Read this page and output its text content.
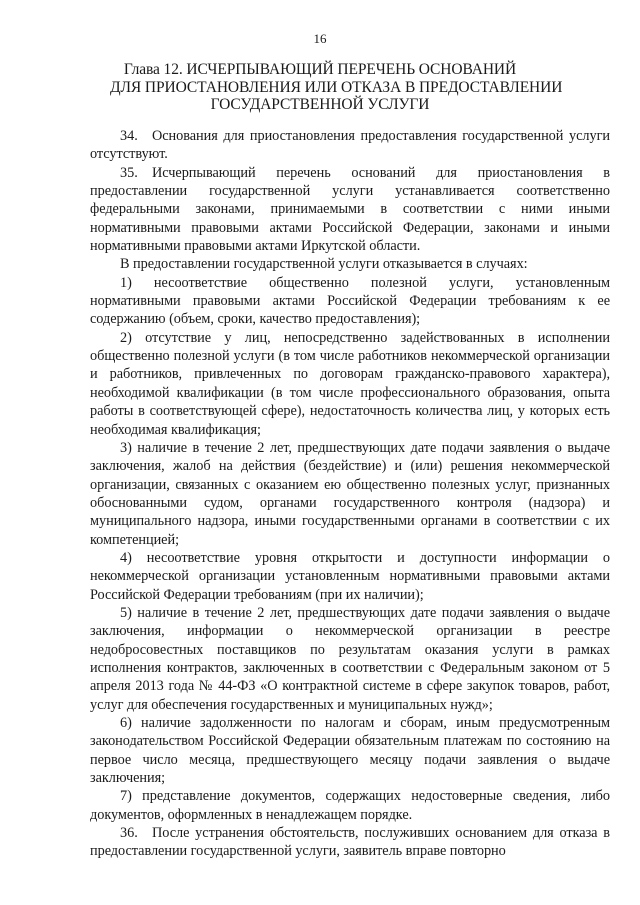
16
Глава 12. ИСЧЕРПЫВАЮЩИЙ ПЕРЕЧЕНЬ ОСНОВАНИЙ
ДЛЯ ПРИОСТАНОВЛЕНИЯ ИЛИ ОТКАЗА В ПРЕДОСТАВЛЕНИИ
ГОСУДАРСТВЕННОЙ УСЛУГИ

34. Основания для приостановления предоставления государственной услуги отсутствуют.

35. Исчерпывающий перечень оснований для приостановления в предоставлении государственной услуги устанавливается соответственно федеральными законами, принимаемыми в соответствии с ними иными нормативными правовыми актами Российской Федерации, законами и иными нормативными правовыми актами Иркутской области.

В предоставлении государственной услуги отказывается в случаях:

1) несоответствие общественно полезной услуги, установленным нормативными правовыми актами Российской Федерации требованиям к ее содержанию (объем, сроки, качество предоставления);

2) отсутствие у лиц, непосредственно задействованных в исполнении общественно полезной услуги (в том числе работников некоммерческой организации и работников, привлеченных по договорам гражданско-правового характера), необходимой квалификации (в том числе профессионального образования, опыта работы в соответствующей сфере), недостаточность количества лиц, у которых есть необходимая квалификация;

3) наличие в течение 2 лет, предшествующих дате подачи заявления о выдаче заключения, жалоб на действия (бездействие) и (или) решения некоммерческой организации, связанных с оказанием ею общественно полезных услуг, признанных обоснованными судом, органами государственного контроля (надзора) и муниципального надзора, иными государственными органами в соответствии с их компетенцией;

4) несоответствие уровня открытости и доступности информации о некоммерческой организации установленным нормативными правовыми актами Российской Федерации требованиям (при их наличии);

5) наличие в течение 2 лет, предшествующих дате подачи заявления о выдаче заключения, информации о некоммерческой организации в реестре недобросовестных поставщиков по результатам оказания услуги в рамках исполнения контрактов, заключенных в соответствии с Федеральным законом от 5 апреля 2013 года № 44-ФЗ «О контрактной системе в сфере закупок товаров, работ, услуг для обеспечения государственных и муниципальных нужд»;

6) наличие задолженности по налогам и сборам, иным предусмотренным законодательством Российской Федерации обязательным платежам по состоянию на первое число месяца, предшествующего месяцу подачи заявления о выдаче заключения;

7) представление документов, содержащих недостоверные сведения, либо документов, оформленных в ненадлежащем порядке.

36. После устранения обстоятельств, послуживших основанием для отказа в предоставлении государственной услуги, заявитель вправе повторно
